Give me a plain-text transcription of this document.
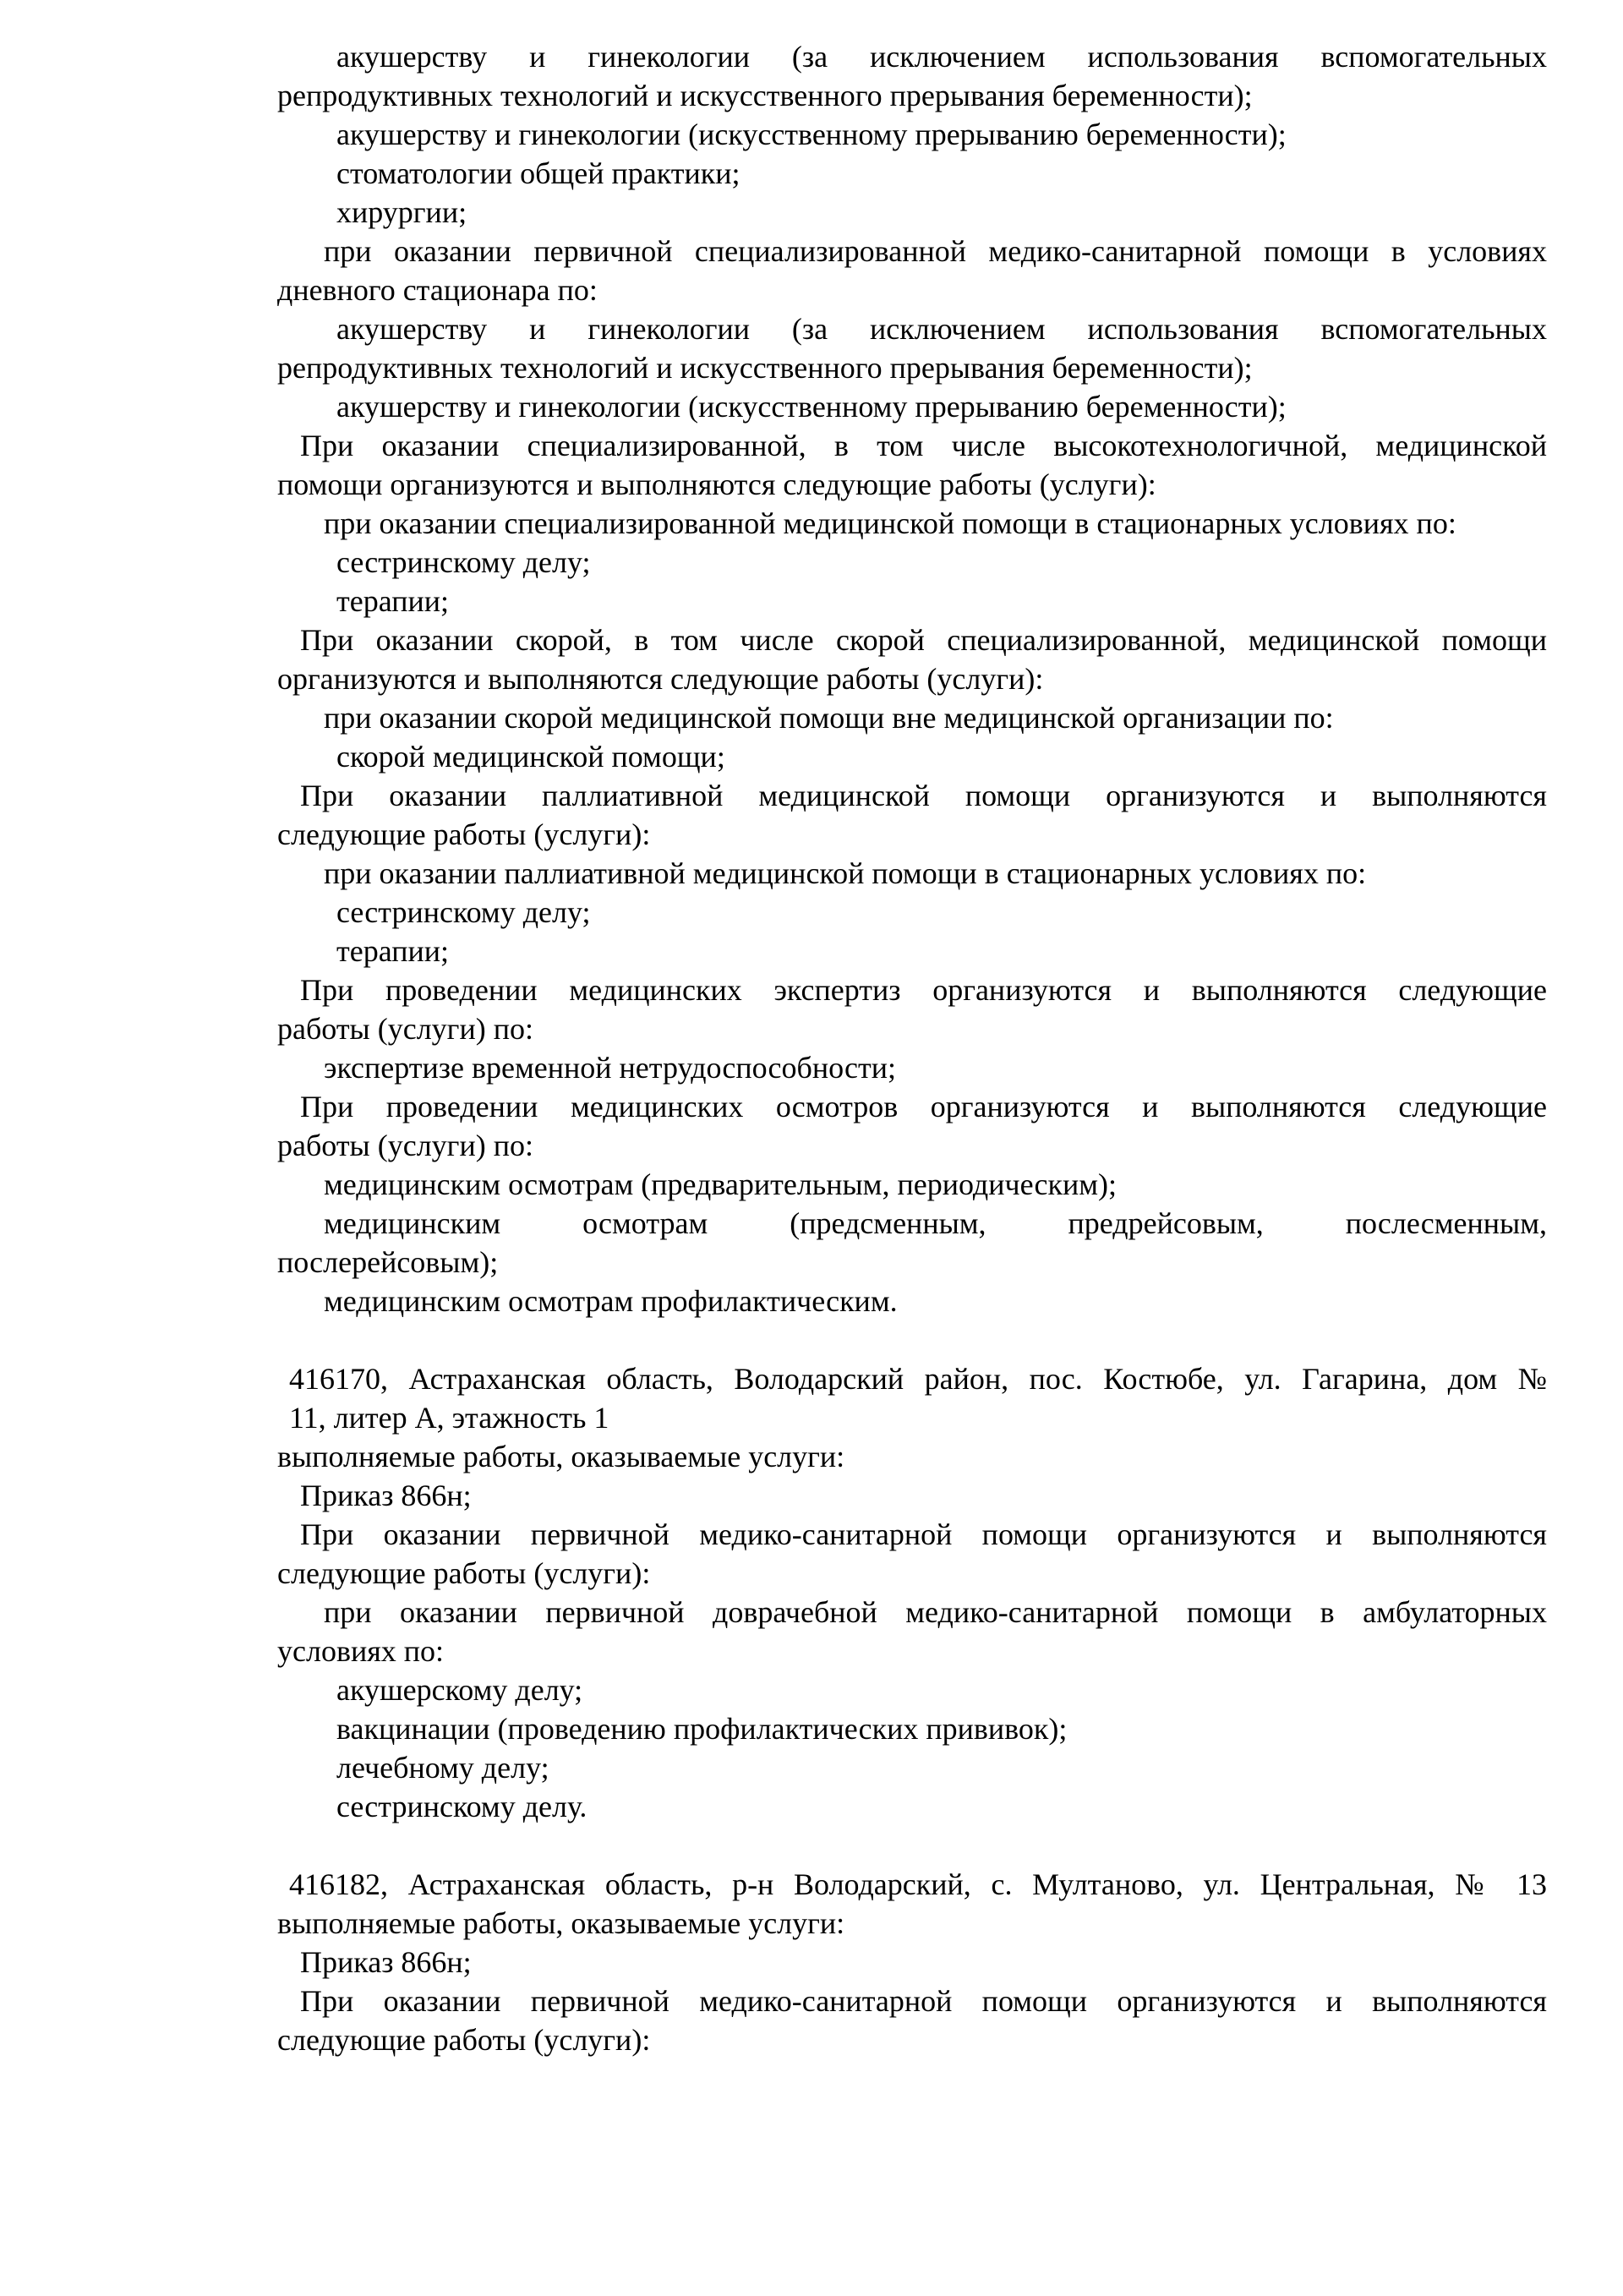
акушерству и гинекологии (за исключением использования вспомогательных
репродуктивных технологий и искусственного прерывания беременности);
акушерству и гинекологии (искусственному прерыванию беременности);
стоматологии общей практики;
хирургии;
при оказании первичной специализированной медико-санитарной помощи в условиях
дневного стационара по:
акушерству и гинекологии (за исключением использования вспомогательных
репродуктивных технологий и искусственного прерывания беременности);
акушерству и гинекологии (искусственному прерыванию беременности);
При оказании специализированной, в том числе высокотехнологичной, медицинской
помощи организуются и выполняются следующие работы (услуги):
при оказании специализированной медицинской помощи в стационарных условиях по:
сестринскому делу;
терапии;
При оказании скорой, в том числе скорой специализированной, медицинской помощи
организуются и выполняются следующие работы (услуги):
при оказании скорой медицинской помощи вне медицинской организации по:
скорой медицинской помощи;
При оказании паллиативной медицинской помощи организуются и выполняются
следующие работы (услуги):
при оказании паллиативной медицинской помощи в стационарных условиях по:
сестринскому делу;
терапии;
При проведении медицинских экспертиз организуются и выполняются следующие
работы (услуги) по:
экспертизе временной нетрудоспособности;
При проведении медицинских осмотров организуются и выполняются следующие
работы (услуги) по:
медицинским осмотрам (предварительным, периодическим);
медицинским осмотрам (предсменным, предрейсовым, послесменным,
послерейсовым);
медицинским осмотрам профилактическим.
416170, Астраханская область, Володарский район, пос. Костюбе, ул. Гагарина, дом №
11, литер А, этажность 1
выполняемые работы, оказываемые услуги:
Приказ 866н;
При оказании первичной медико-санитарной помощи организуются и выполняются
следующие работы (услуги):
при оказании первичной доврачебной медико-санитарной помощи в амбулаторных
условиях по:
акушерскому делу;
вакцинации (проведению профилактических прививок);
лечебному делу;
сестринскому делу.
416182, Астраханская область, р-н Володарский, с. Мултаново, ул. Центральная, № 13
выполняемые работы, оказываемые услуги:
Приказ 866н;
При оказании первичной медико-санитарной помощи организуются и выполняются
следующие работы (услуги):
